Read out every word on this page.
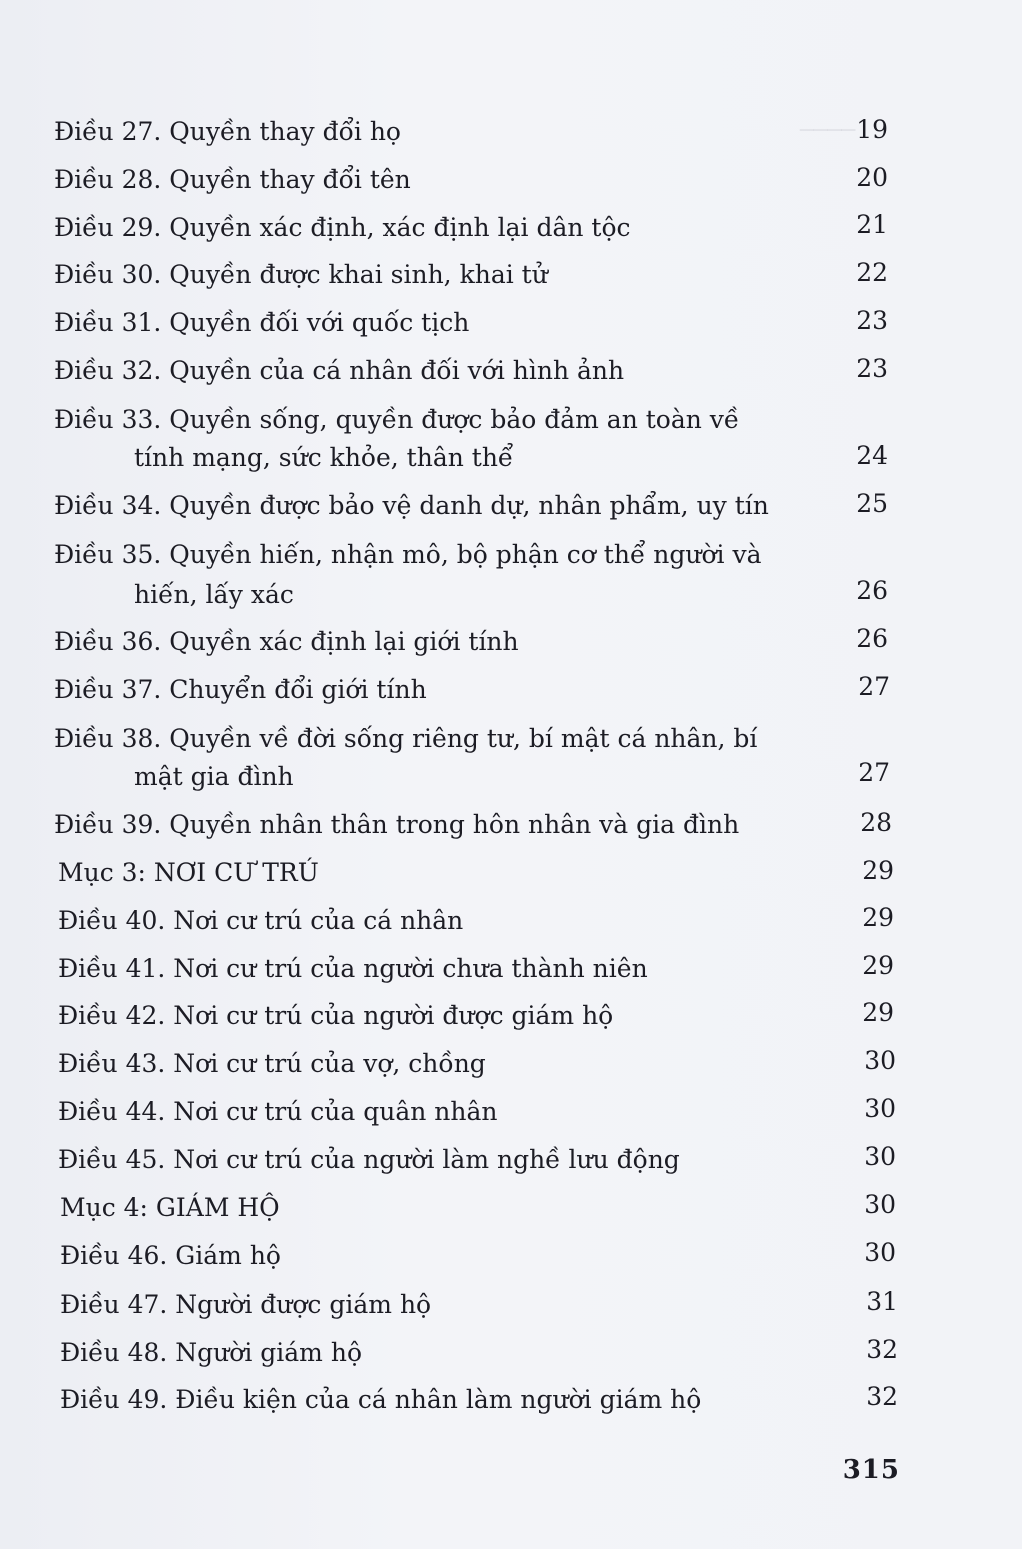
────
Điều 27. Quyền thay đổi họ	19
Điều 28. Quyền thay đổi tên	20
Điều 29. Quyền xác định, xác định lại dân tộc	21
Điều 30. Quyền được khai sinh, khai tử	22
Điều 31. Quyền đối với quốc tịch	23
Điều 32. Quyền của cá nhân đối với hình ảnh	23
Điều 33. Quyền sống, quyền được bảo đảm an toàn về
tính mạng, sức khỏe, thân thể	24
Điều 34. Quyền được bảo vệ danh dự, nhân phẩm, uy tín	25
Điều 35. Quyền hiến, nhận mô, bộ phận cơ thể người và
hiến, lấy xác	26
Điều 36. Quyền xác định lại giới tính	26
Điều 37. Chuyển đổi giới tính	27
Điều 38. Quyền về đời sống riêng tư, bí mật cá nhân, bí
mật gia đình	27
Điều 39. Quyền nhân thân trong hôn nhân và gia đình	28
Mục 3: NƠI CƯ TRÚ	29
Điều 40. Nơi cư trú của cá nhân	29
Điều 41. Nơi cư trú của người chưa thành niên	29
Điều 42. Nơi cư trú của người được giám hộ	29
Điều 43. Nơi cư trú của vợ, chồng	30
Điều 44. Nơi cư trú của quân nhân	30
Điều 45. Nơi cư trú của người làm nghề lưu động	30
Mục 4: GIÁM HỘ	30
Điều 46. Giám hộ	30
Điều 47. Người được giám hộ	31
Điều 48. Người giám hộ	32
Điều 49. Điều kiện của cá nhân làm người giám hộ	32
315
